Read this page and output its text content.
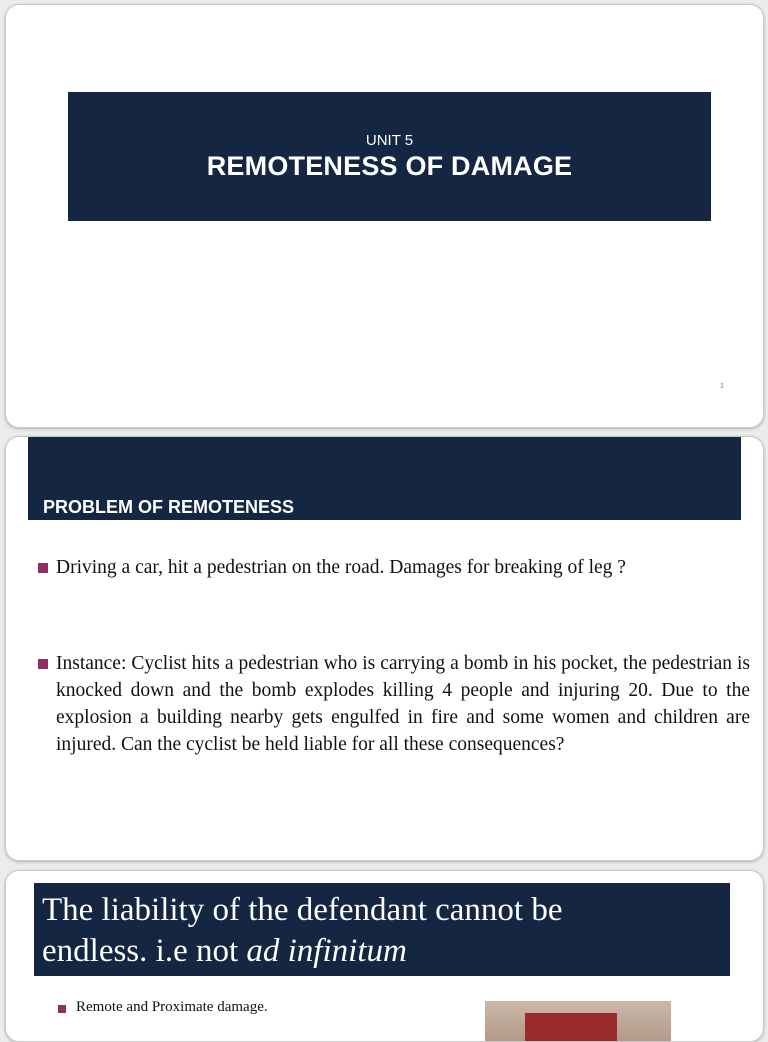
UNIT 5
REMOTENESS OF DAMAGE
1
PROBLEM OF REMOTENESS
Driving a car, hit a pedestrian on the road. Damages for breaking of leg ?
Instance: Cyclist hits a pedestrian who is carrying a bomb in his pocket, the pedestrian is knocked down and the bomb explodes killing 4 people and injuring 20. Due to the explosion a building nearby gets engulfed in fire and some women and children are injured. Can the cyclist be held liable for all these consequences?
The liability of the defendant cannot be
endless. i.e not ad infinitum
Remote and Proximate damage.
